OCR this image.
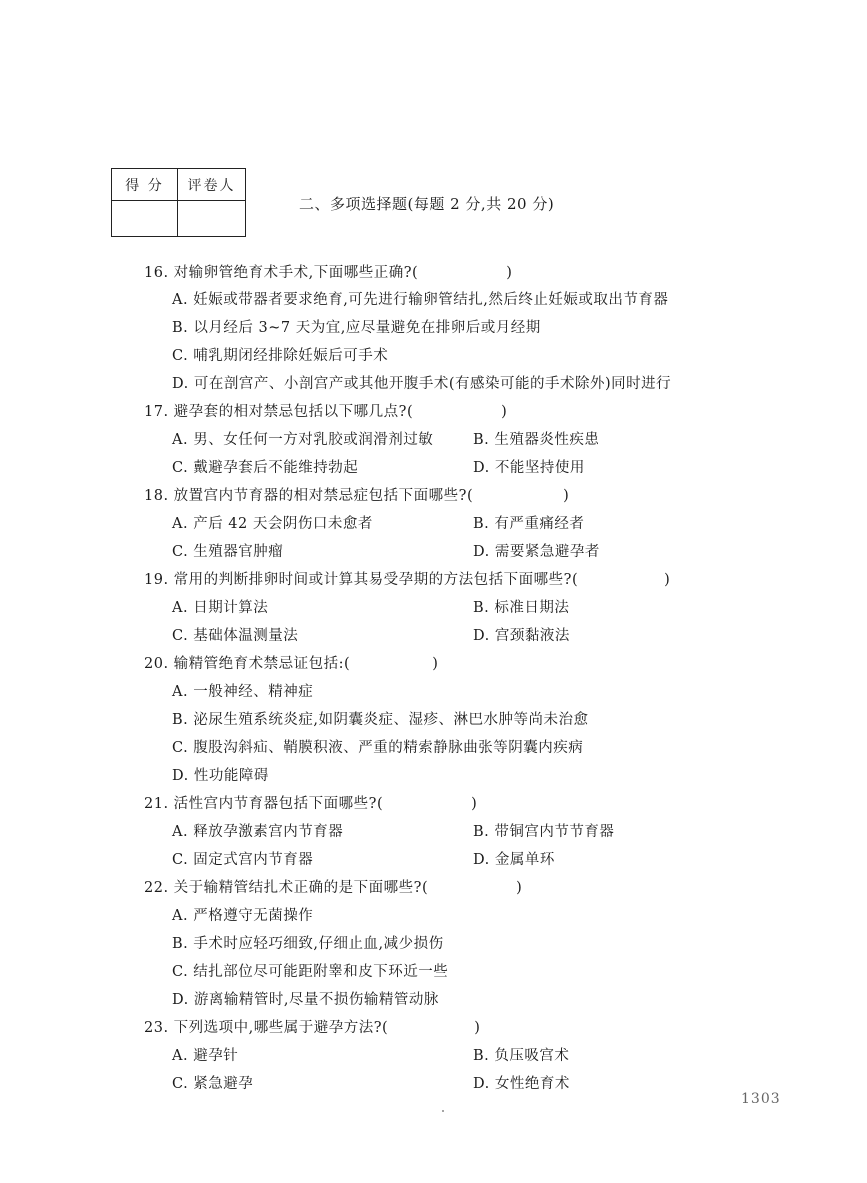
得 分	评卷人
二、多项选择题(每题 2 分,共 20 分)
16. 对输卵管绝育术手术,下面哪些正确?(	)
A. 妊娠或带器者要求绝育,可先进行输卵管结扎,然后终止妊娠或取出节育器
B. 以月经后 3~7 天为宜,应尽量避免在排卵后或月经期
C. 哺乳期闭经排除妊娠后可手术
D. 可在剖宫产、小剖宫产或其他开腹手术(有感染可能的手术除外)同时进行
17. 避孕套的相对禁忌包括以下哪几点?(	)
A. 男、女任何一方对乳胶或润滑剂过敏	B. 生殖器炎性疾患
C. 戴避孕套后不能维持勃起	D. 不能坚持使用
18. 放置宫内节育器的相对禁忌症包括下面哪些?(	)
A. 产后 42 天会阴伤口未愈者	B. 有严重痛经者
C. 生殖器官肿瘤	D. 需要紧急避孕者
19. 常用的判断排卵时间或计算其易受孕期的方法包括下面哪些?(	)
A. 日期计算法	B. 标准日期法
C. 基础体温测量法	D. 宫颈黏液法
20. 输精管绝育术禁忌证包括:(	)
A. 一般神经、精神症
B. 泌尿生殖系统炎症,如阴囊炎症、湿疹、淋巴水肿等尚未治愈
C. 腹股沟斜疝、鞘膜积液、严重的精索静脉曲张等阴囊内疾病
D. 性功能障碍
21. 活性宫内节育器包括下面哪些?(	)
A. 释放孕激素宫内节育器	B. 带铜宫内节节育器
C. 固定式宫内节育器	D. 金属单环
22. 关于输精管结扎术正确的是下面哪些?(	)
A. 严格遵守无菌操作
B. 手术时应轻巧细致,仔细止血,减少损伤
C. 结扎部位尽可能距附睾和皮下环近一些
D. 游离输精管时,尽量不损伤输精管动脉
23. 下列选项中,哪些属于避孕方法?(	)
A. 避孕针	B. 负压吸宫术
C. 紧急避孕	D. 女性绝育术
1303
